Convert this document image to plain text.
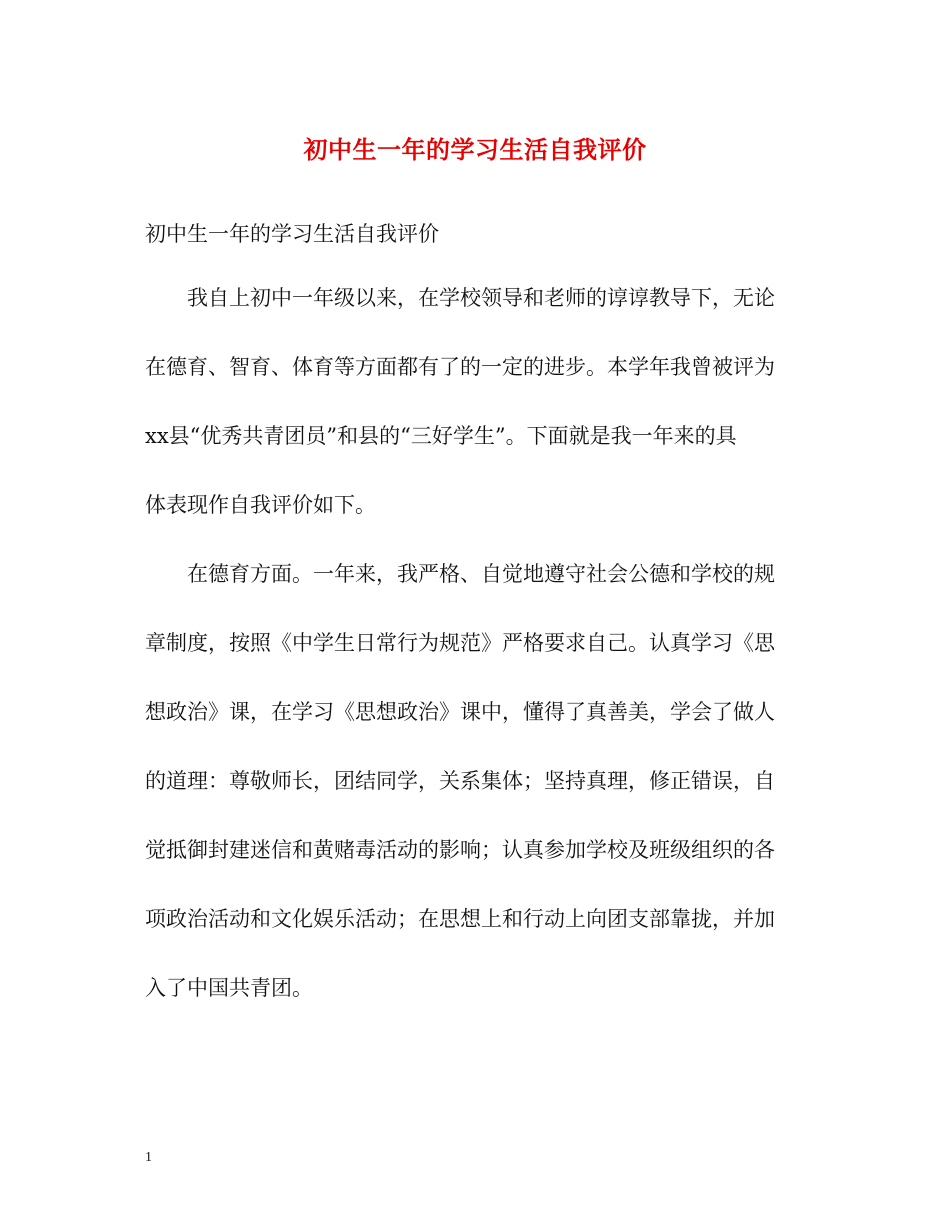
初中生一年的学习生活自我评价
初中生一年的学习生活自我评价
　　我自上初中一年级以来，在学校领导和老师的谆谆教导下，无论
在德育、智育、体育等方面都有了的一定的进步。本学年我曾被评为
xx县“优秀共青团员”和县的“三好学生”。下面就是我一年来的具
体表现作自我评价如下。
　　在德育方面。一年来，我严格、自觉地遵守社会公德和学校的规
章制度，按照《中学生日常行为规范》严格要求自己。认真学习《思
想政治》课，在学习《思想政治》课中，懂得了真善美，学会了做人
的道理：尊敬师长，团结同学，关系集体；坚持真理，修正错误，自
觉抵御封建迷信和黄赌毒活动的影响；认真参加学校及班级组织的各
项政治活动和文化娱乐活动；在思想上和行动上向团支部靠拢，并加
入了中国共青团。
1
